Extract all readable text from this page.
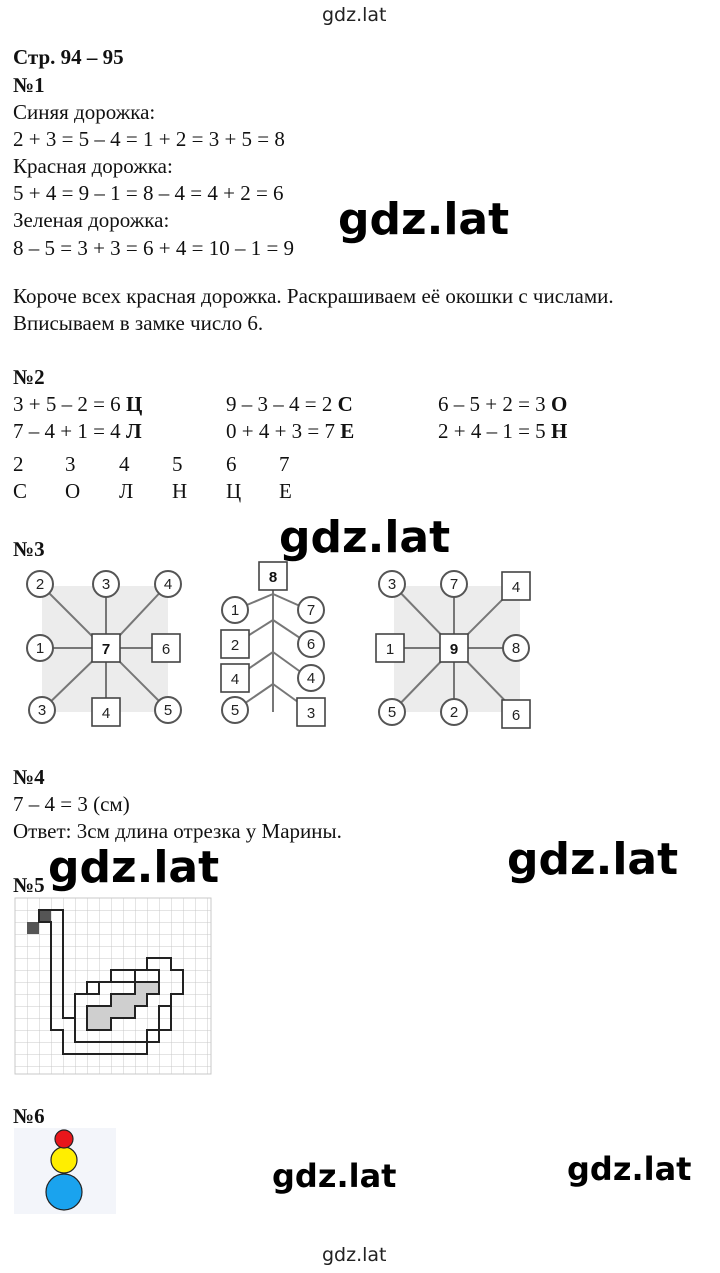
gdz.lat
Стр. 94 – 95
№1
Синяя дорожка:
2 + 3 = 5 – 4 = 1 + 2 = 3 + 5 = 8
Красная дорожка:
5 + 4 = 9 – 1 = 8 – 4 = 4 + 2 = 6
Зеленая дорожка:
8 – 5 = 3 + 3 = 6 + 4 = 10 – 1 = 9
Короче всех красная дорожка. Раскрашиваем её окошки с числами.
Вписываем в замке число 6.
№2
3 + 5 – 2 = 6 Ц	9 – 3 – 4 = 2 С	6 – 5 + 2 = 3 О
7 – 4 + 1 = 4 Л	0 + 4 + 3 = 7 Е	2 + 4 – 1 = 5 Н
2 3 4 5 6 7
С О Л Н Ц Е
№3
2	3	4
1	7	6
3	4	5
8
1	7
2	6
4	4
5	3
3	7	4
1	9	8
5	2	6
№4
7 – 4 = 3 (см)
Ответ: 3см длина отрезка у Марины.
№5
№6
gdz.lat
gdz.lat
gdz.lat	gdz.lat
gdz.lat	gdz.lat
gdz.lat
